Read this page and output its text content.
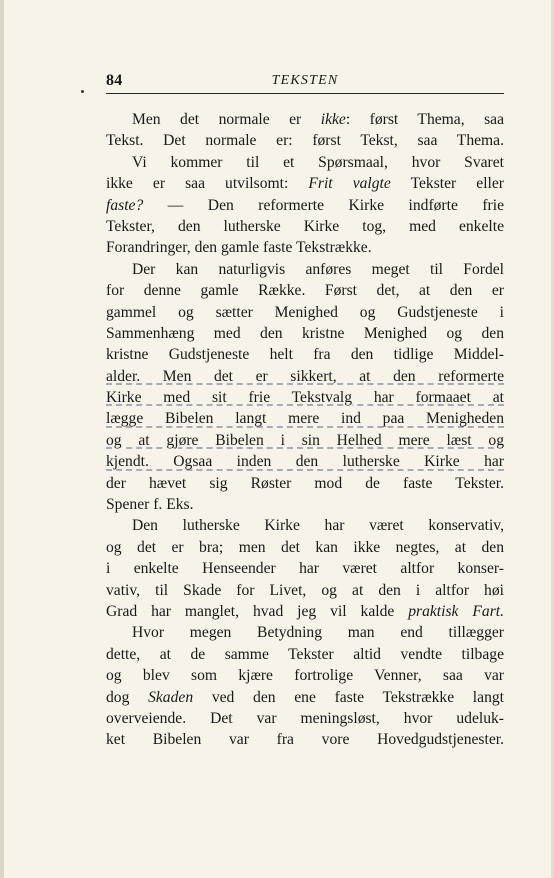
84	TEKSTEN
Men det normale er ikke: først Thema, saa
Tekst. Det normale er: først Tekst, saa Thema.
Vi kommer til et Spørsmaal, hvor Svaret
ikke er saa utvilsomt: Frit valgte Tekster eller
faste? — Den reformerte Kirke indførte frie
Tekster, den lutherske Kirke tog, med enkelte
Forandringer, den gamle faste Tekstrække.
Der kan naturligvis anføres meget til Fordel
for denne gamle Række. Først det, at den er
gammel og sætter Menighed og Gudstjeneste i
Sammenhæng med den kristne Menighed og den
kristne Gudstjeneste helt fra den tidlige Middel-
alder. Men det er sikkert, at den reformerte
Kirke med sit frie Tekstvalg har formaaet at
lægge Bibelen langt mere ind paa Menigheden
og at gjøre Bibelen i sin Helhed mere læst og
kjendt. Ogsaa inden den lutherske Kirke har
der hævet sig Røster mod de faste Tekster.
Spener f. Eks.
Den lutherske Kirke har været konservativ,
og det er bra; men det kan ikke negtes, at den
i enkelte Henseender har været altfor konser-
vativ, til Skade for Livet, og at den i altfor høi
Grad har manglet, hvad jeg vil kalde praktisk Fart.
Hvor megen Betydning man end tillægger
dette, at de samme Tekster altid vendte tilbage
og blev som kjære fortrolige Venner, saa var
dog Skaden ved den ene faste Tekstrække langt
overveiende. Det var meningsløst, hvor udeluk-
ket Bibelen var fra vore Hovedgudstjenester.
